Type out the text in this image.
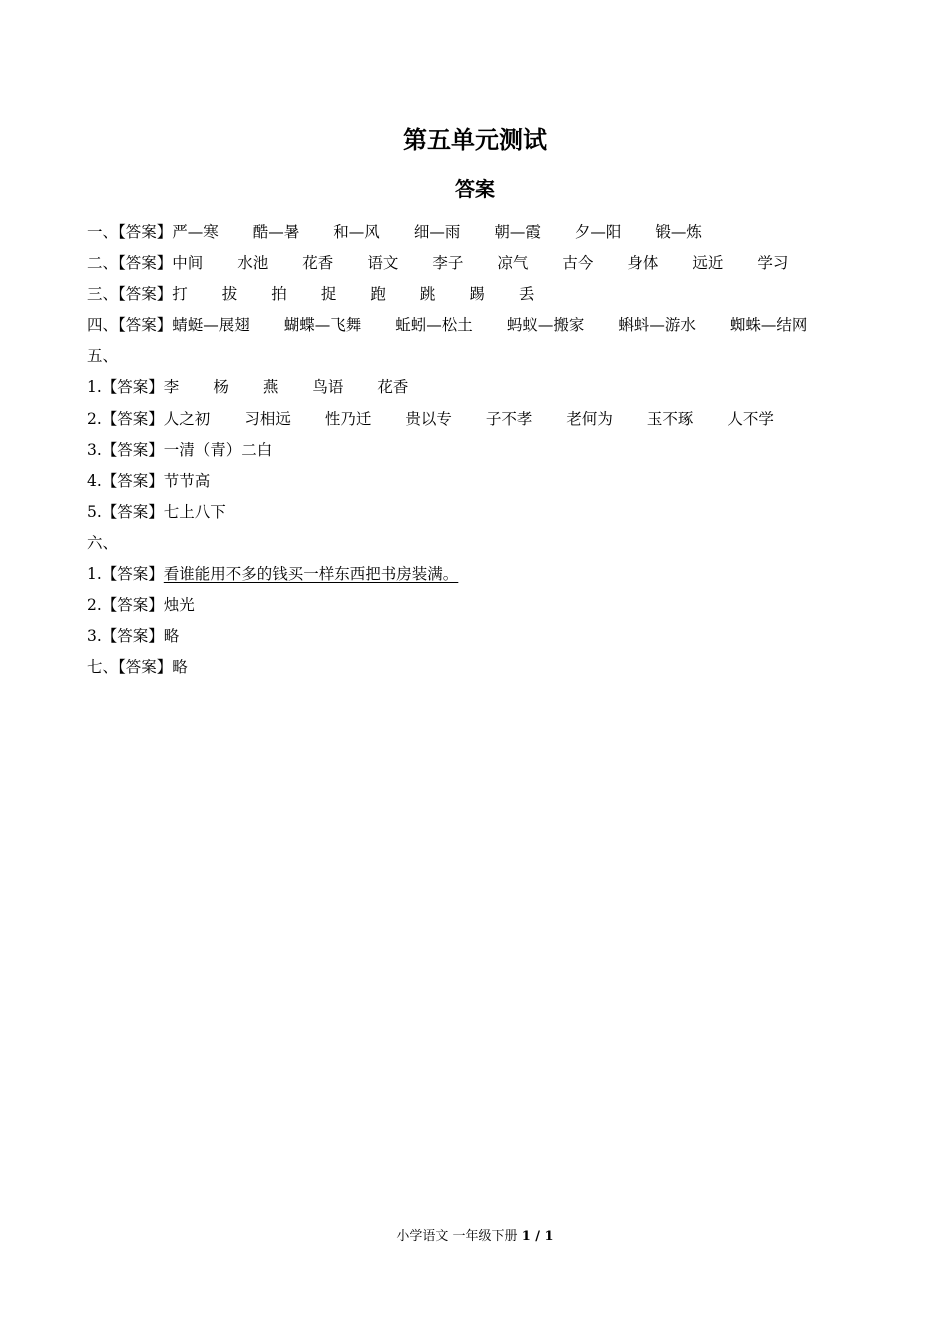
第五单元测试
答案
一、【答案】严—寒 酷—暑 和—风 细—雨 朝—霞 夕—阳 锻—炼
二、【答案】中间 水池 花香 语文 李子 凉气 古今 身体 远近 学习
三、【答案】打 拔 拍 捉 跑 跳 踢 丢
四、【答案】蜻蜓—展翅 蝴蝶—飞舞 蚯蚓—松土 蚂蚁—搬家 蝌蚪—游水 蜘蛛—结网
五、
1.【答案】李 杨 燕 鸟语 花香
2.【答案】人之初 习相远 性乃迁 贵以专 子不孝 老何为 玉不琢 人不学
3.【答案】一清（青）二白
4.【答案】节节高
5.【答案】七上八下
六、
1.【答案】看谁能用不多的钱买一样东西把书房装满。
2.【答案】烛光
3.【答案】略
七、【答案】略
小学语文 一年级下册 1 / 1
